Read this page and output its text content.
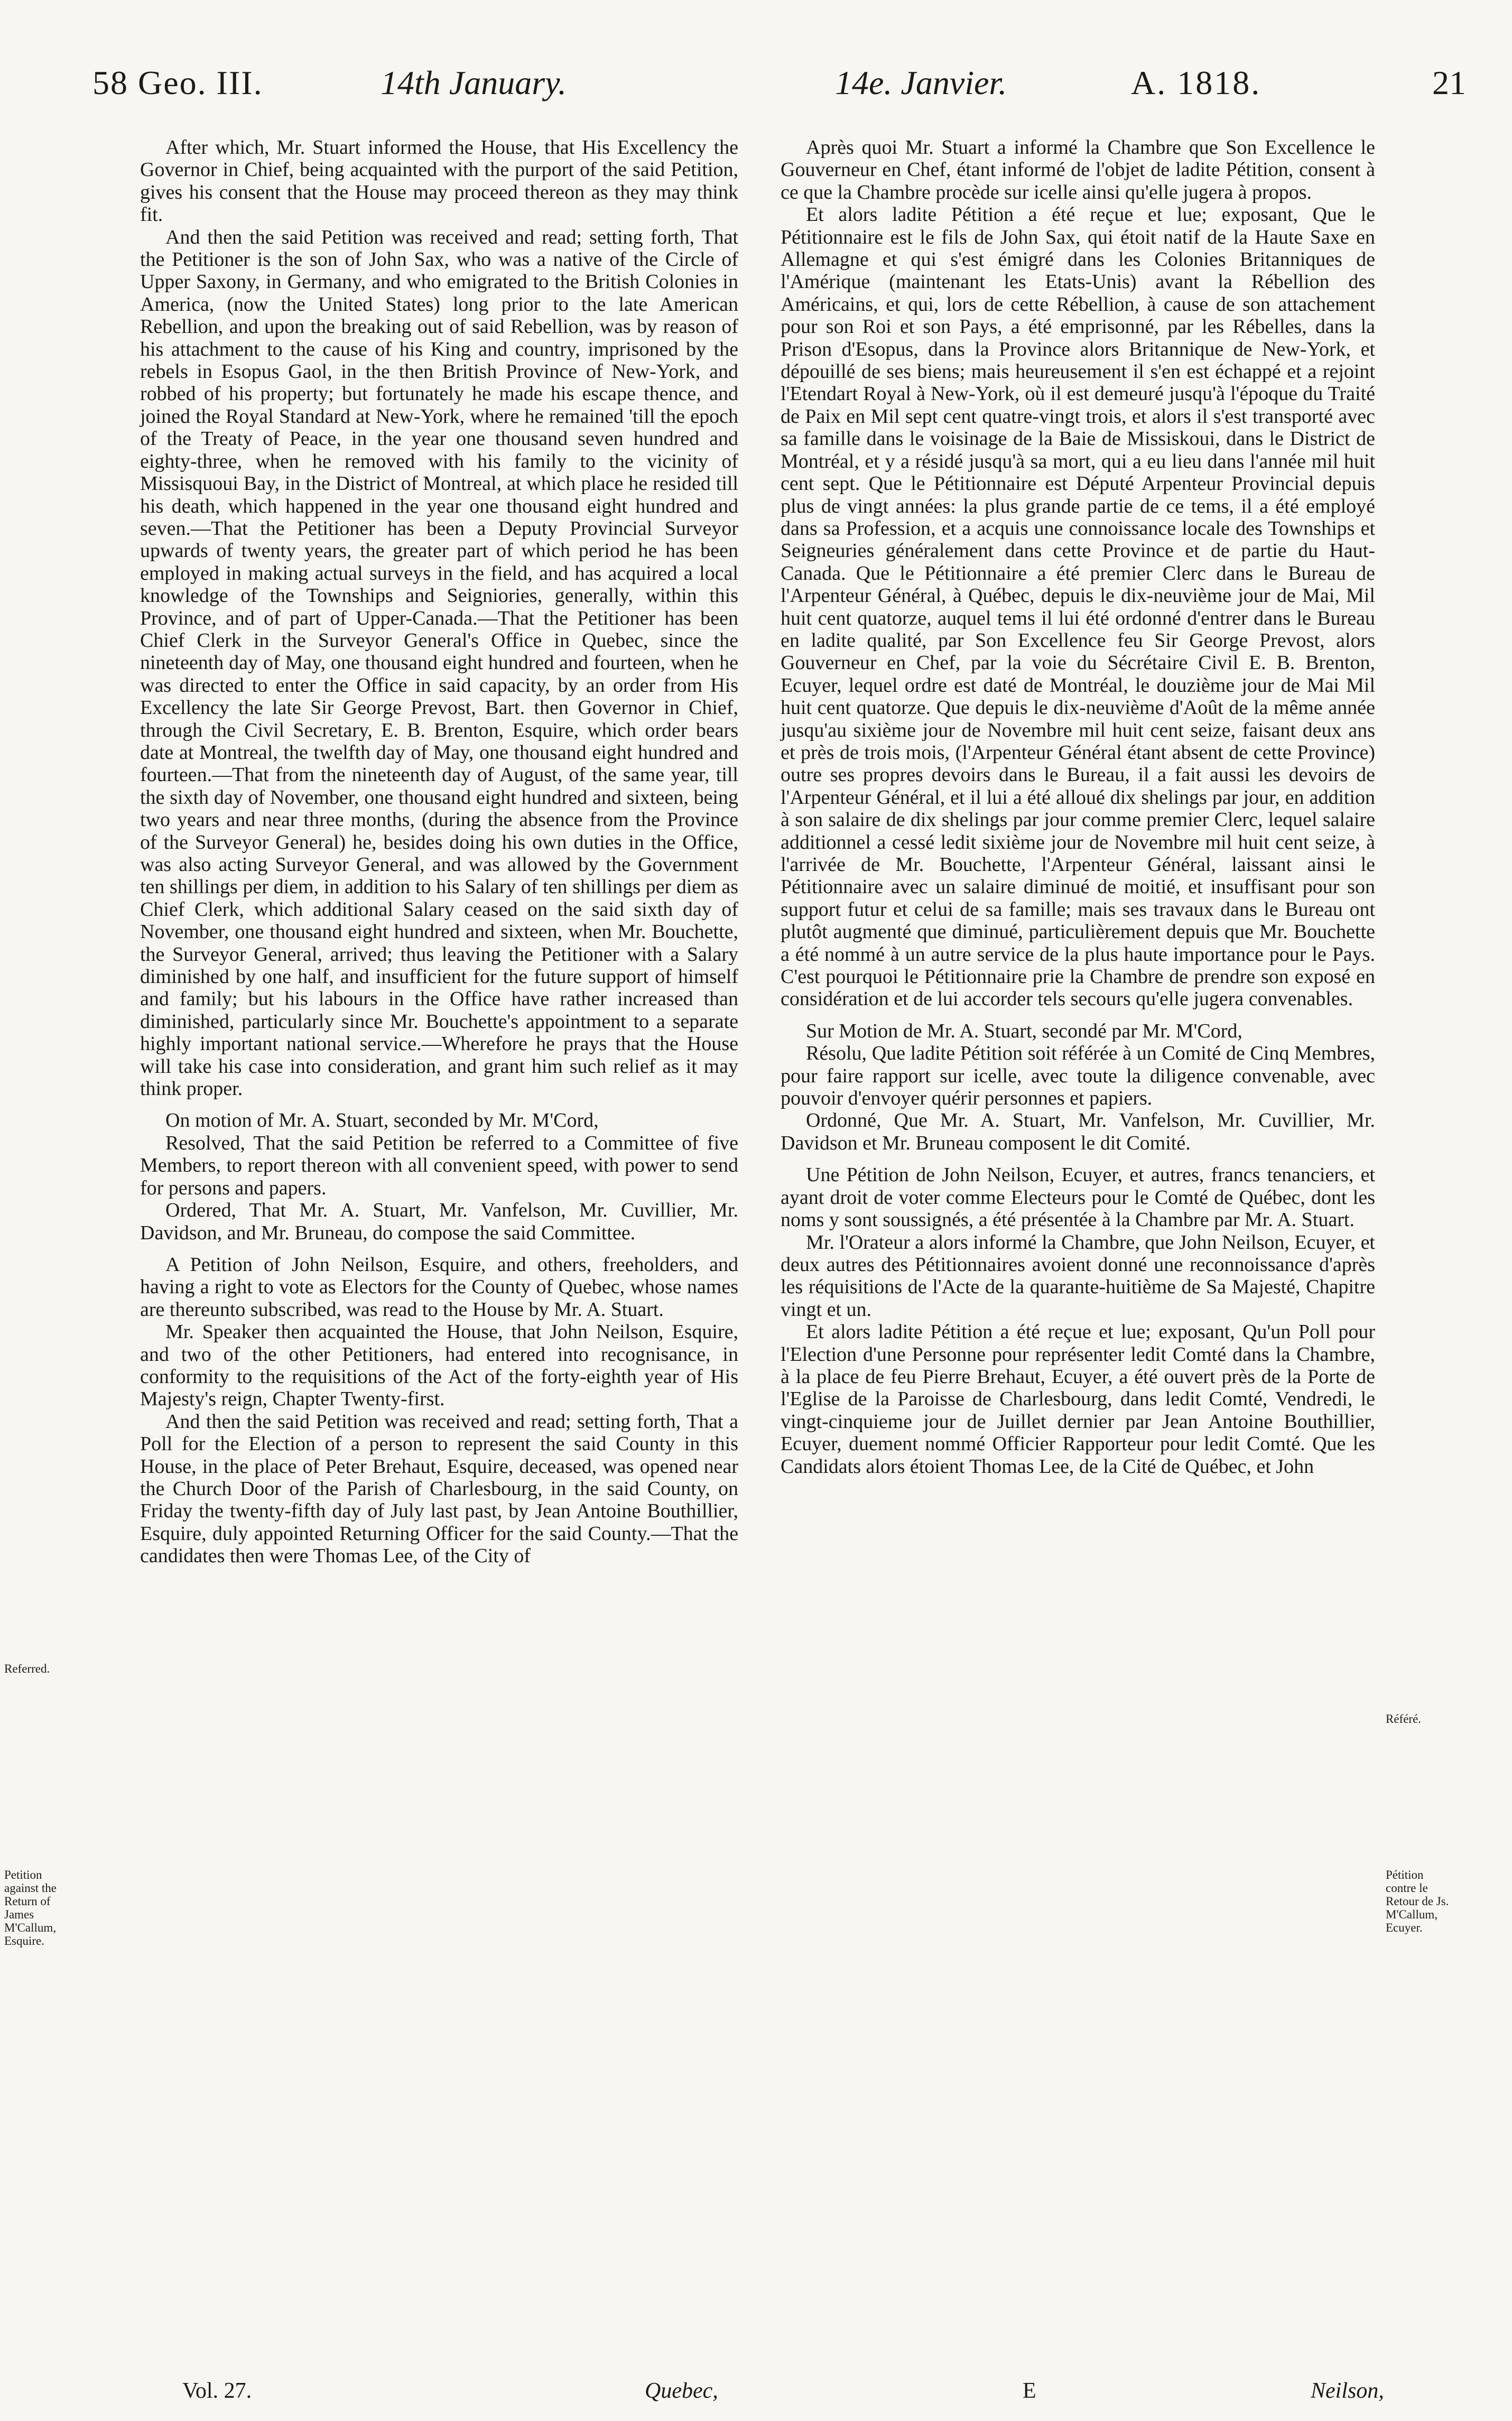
58 Geo. III.	14th January.	14e. Janvier.	A. 1818.	21

After which, Mr. Stuart informed the House, that His Excellency the Governor in Chief, being acquainted with the purport of the said Petition, gives his consent that the House may proceed thereon as they may think fit.

And then the said Petition was received and read; setting forth, That the Petitioner is the son of John Sax, who was a native of the Circle of Upper Saxony, in Germany, and who emigrated to the British Colonies in America, (now the United States) long prior to the late American Rebellion, and upon the breaking out of said Rebellion, was by reason of his attachment to the cause of his King and country, imprisoned by the rebels in Esopus Gaol, in the then British Province of New-York, and robbed of his property; but fortunately he made his escape thence, and joined the Royal Standard at New-York, where he remained 'till the epoch of the Treaty of Peace, in the year one thousand seven hundred and eighty-three, when he removed with his family to the vicinity of Missisquoui Bay, in the District of Montreal, at which place he resided till his death, which happened in the year one thousand eight hundred and seven.—That the Petitioner has been a Deputy Provincial Surveyor upwards of twenty years, the greater part of which period he has been employed in making actual surveys in the field, and has acquired a local knowledge of the Townships and Seigniories, generally, within this Province, and of part of Upper-Canada.—That the Petitioner has been Chief Clerk in the Surveyor General's Office in Quebec, since the nineteenth day of May, one thousand eight hundred and fourteen, when he was directed to enter the Office in said capacity, by an order from His Excellency the late Sir George Prevost, Bart. then Governor in Chief, through the Civil Secretary, E. B. Brenton, Esquire, which order bears date at Montreal, the twelfth day of May, one thousand eight hundred and fourteen.—That from the nineteenth day of August, of the same year, till the sixth day of November, one thousand eight hundred and sixteen, being two years and near three months, (during the absence from the Province of the Surveyor General) he, besides doing his own duties in the Office, was also acting Surveyor General, and was allowed by the Government ten shillings per diem, in addition to his Salary of ten shillings per diem as Chief Clerk, which additional Salary ceased on the said sixth day of November, one thousand eight hundred and sixteen, when Mr. Bouchette, the Surveyor General, arrived; thus leaving the Petitioner with a Salary diminished by one half, and insufficient for the future support of himself and family; but his labours in the Office have rather increased than diminished, particularly since Mr. Bouchette's appointment to a separate highly important national service.—Wherefore he prays that the House will take his case into consideration, and grant him such relief as it may think proper.

On motion of Mr. A. Stuart, seconded by Mr. M'Cord,

Resolved, That the said Petition be referred to a Committee of five Members, to report thereon with all convenient speed, with power to send for persons and papers.

Ordered, That Mr. A. Stuart, Mr. Vanfelson, Mr. Cuvillier, Mr. Davidson, and Mr. Bruneau, do compose the said Committee.

A Petition of John Neilson, Esquire, and others, freeholders, and having a right to vote as Electors for the County of Quebec, whose names are thereunto subscribed, was read to the House by Mr. A. Stuart.

Mr. Speaker then acquainted the House, that John Neilson, Esquire, and two of the other Petitioners, had entered into recognisance, in conformity to the requisitions of the Act of the forty-eighth year of His Majesty's reign, Chapter Twenty-first.

And then the said Petition was received and read; setting forth, That a Poll for the Election of a person to represent the said County in this House, in the place of Peter Brehaut, Esquire, deceased, was opened near the Church Door of the Parish of Charlesbourg, in the said County, on Friday the twenty-fifth day of July last past, by Jean Antoine Bouthillier, Esquire, duly appointed Returning Officer for the said County.—That the candidates then were Thomas Lee, of the City of

Après quoi Mr. Stuart a informé la Chambre que Son Excellence le Gouverneur en Chef, étant informé de l'objet de ladite Pétition, consent à ce que la Chambre procède sur icelle ainsi qu'elle jugera à propos.

Et alors ladite Pétition a été reçue et lue; exposant, Que le Pétitionnaire est le fils de John Sax, qui étoit natif de la Haute Saxe en Allemagne et qui s'est émigré dans les Colonies Britanniques de l'Amérique (maintenant les Etats-Unis) avant la Rébellion des Américains, et qui, lors de cette Rébellion, à cause de son attachement pour son Roi et son Pays, a été emprisonné, par les Rébelles, dans la Prison d'Esopus, dans la Province alors Britannique de New-York, et dépouillé de ses biens; mais heureusement il s'en est échappé et a rejoint l'Etendart Royal à New-York, où il est demeuré jusqu'à l'époque du Traité de Paix en Mil sept cent quatre-vingt trois, et alors il s'est transporté avec sa famille dans le voisinage de la Baie de Missiskoui, dans le District de Montréal, et y a résidé jusqu'à sa mort, qui a eu lieu dans l'année mil huit cent sept. Que le Pétitionnaire est Député Arpenteur Provincial depuis plus de vingt années: la plus grande partie de ce tems, il a été employé dans sa Profession, et a acquis une connoissance locale des Townships et Seigneuries généralement dans cette Province et de partie du Haut-Canada. Que le Pétitionnaire a été premier Clerc dans le Bureau de l'Arpenteur Général, à Québec, depuis le dix-neuvième jour de Mai, Mil huit cent quatorze, auquel tems il lui été ordonné d'entrer dans le Bureau en ladite qualité, par Son Excellence feu Sir George Prevost, alors Gouverneur en Chef, par la voie du Sécrétaire Civil E. B. Brenton, Ecuyer, lequel ordre est daté de Montréal, le douzième jour de Mai Mil huit cent quatorze. Que depuis le dix-neuvième d'Août de la même année jusqu'au sixième jour de Novembre mil huit cent seize, faisant deux ans et près de trois mois, (l'Arpenteur Général étant absent de cette Province) outre ses propres devoirs dans le Bureau, il a fait aussi les devoirs de l'Arpenteur Général, et il lui a été alloué dix shelings par jour, en addition à son salaire de dix shelings par jour comme premier Clerc, lequel salaire additionnel a cessé ledit sixième jour de Novembre mil huit cent seize, à l'arrivée de Mr. Bouchette, l'Arpenteur Général, laissant ainsi le Pétitionnaire avec un salaire diminué de moitié, et insuffisant pour son support futur et celui de sa famille; mais ses travaux dans le Bureau ont plutôt augmenté que diminué, particulièrement depuis que Mr. Bouchette a été nommé à un autre service de la plus haute importance pour le Pays. C'est pourquoi le Pétitionnaire prie la Chambre de prendre son exposé en considération et de lui accorder tels secours qu'elle jugera convenables.

Sur Motion de Mr. A. Stuart, secondé par Mr. M'Cord,

Résolu, Que ladite Pétition soit référée à un Comité de Cinq Membres, pour faire rapport sur icelle, avec toute la diligence convenable, avec pouvoir d'envoyer quérir personnes et papiers.

Ordonné, Que Mr. A. Stuart, Mr. Vanfelson, Mr. Cuvillier, Mr. Davidson et Mr. Bruneau composent le dit Comité.

Une Pétition de John Neilson, Ecuyer, et autres, francs tenanciers, et ayant droit de voter comme Electeurs pour le Comté de Québec, dont les noms y sont soussignés, a été présentée à la Chambre par Mr. A. Stuart.

Mr. l'Orateur a alors informé la Chambre, que John Neilson, Ecuyer, et deux autres des Pétitionnaires avoient donné une reconnoissance d'après les réquisitions de l'Acte de la quarante-huitième de Sa Majesté, Chapitre vingt et un.

Et alors ladite Pétition a été reçue et lue; exposant, Qu'un Poll pour l'Election d'une Personne pour représenter ledit Comté dans la Chambre, à la place de feu Pierre Brehaut, Ecuyer, a été ouvert près de la Porte de l'Eglise de la Paroisse de Charlesbourg, dans ledit Comté, Vendredi, le vingt-cinquieme jour de Juillet dernier par Jean Antoine Bouthillier, Ecuyer, duement nommé Officier Rapporteur pour ledit Comté. Que les Candidats alors étoient Thomas Lee, de la Cité de Québec, et John

Referred.
Petition against the Return of James M'Callum, Esquire.
Référé.
Pétition contre le Retour de Js. M'Callum, Ecuyer.
Vol. 27.	Quebec,	E	Neilson,
